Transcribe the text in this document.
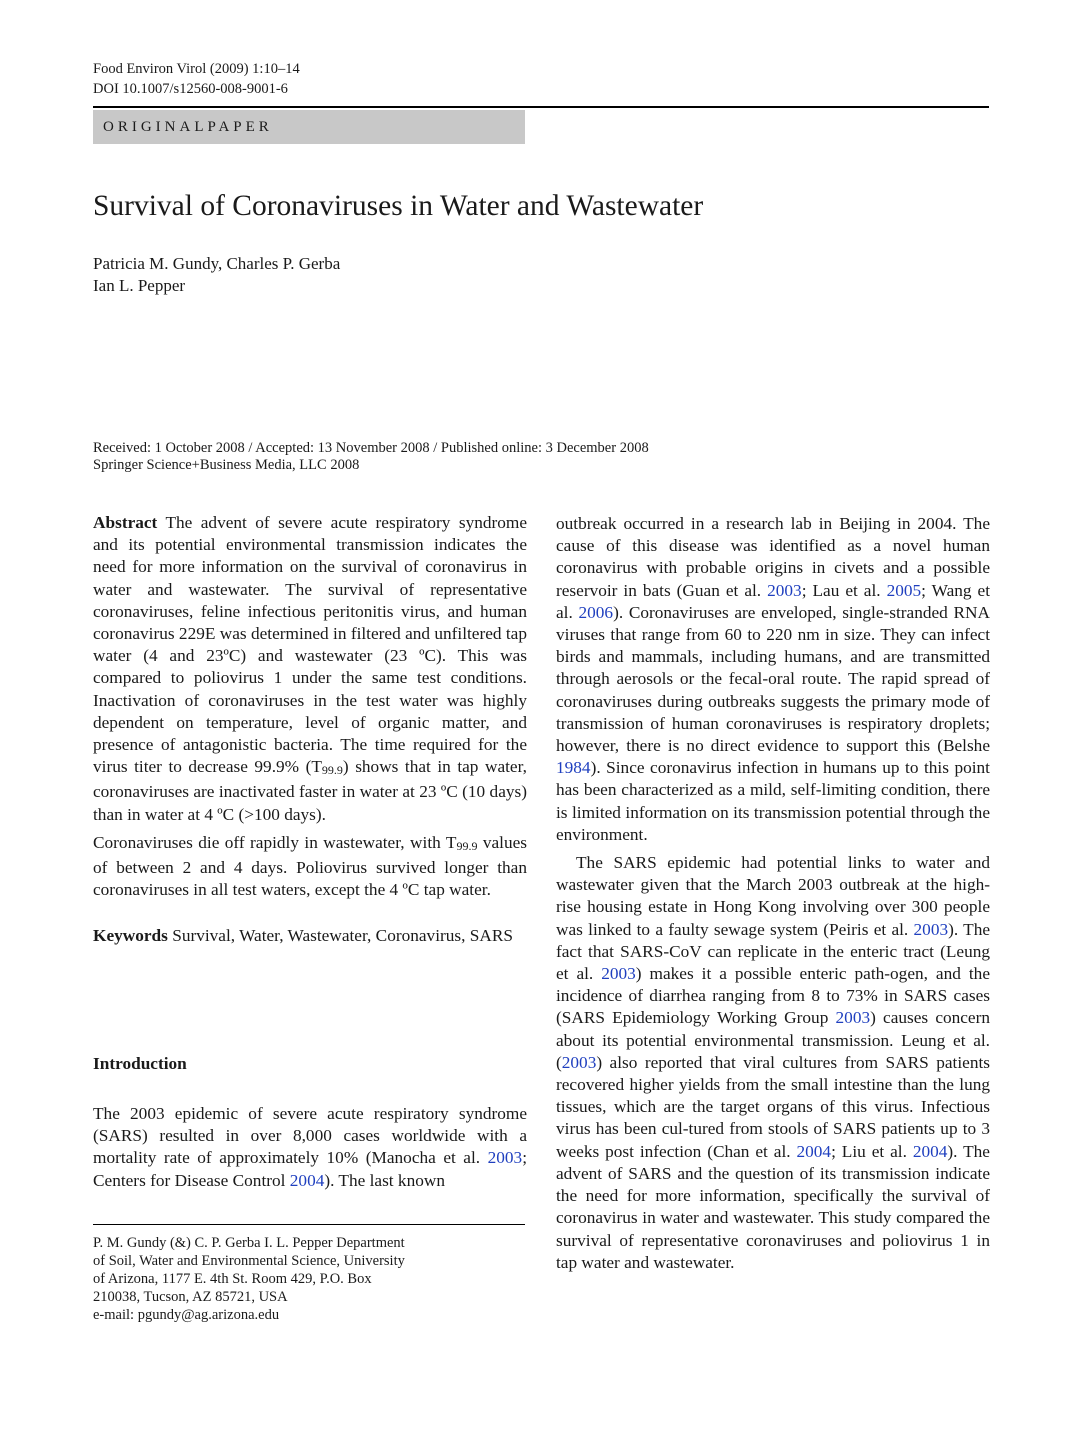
Food Environ Virol (2009) 1:10–14
DOI 10.1007/s12560-008-9001-6
ORIGINALPAPER
Survival of Coronaviruses in Water and Wastewater
Patricia M. Gundy, Charles P. Gerba
Ian L. Pepper
Received: 1 October 2008 / Accepted: 13 November 2008 / Published online: 3 December 2008
Springer Science+Business Media, LLC 2008

Abstract The advent of severe acute respiratory syndrome and its potential environmental transmission indicates the need for more information on the survival of coronavirus in water and wastewater. The survival of representative coronaviruses, feline infectious peritonitis virus, and human coronavirus 229E was determined in filtered and unfiltered tap water (4 and 23ºC) and wastewater (23 ºC). This was compared to poliovirus 1 under the same test conditions. Inactivation of coronaviruses in the test water was highly dependent on temperature, level of organic matter, and presence of antagonistic bacteria. The time required for the virus titer to decrease 99.9% (T99.9) shows that in tap water, coronaviruses are inactivated faster in water at 23 ºC (10 days) than in water at 4 ºC (>100 days).

Coronaviruses die off rapidly in wastewater, with T99.9 values of between 2 and 4 days. Poliovirus survived longer than coronaviruses in all test waters, except the 4 ºC tap water.

Keywords Survival, Water, Wastewater, Coronavirus, SARS

Introduction

The 2003 epidemic of severe acute respiratory syndrome (SARS) resulted in over 8,000 cases worldwide with a mortality rate of approximately 10% (Manocha et al. 2003; Centers for Disease Control 2004). The last known

P. M. Gundy (&) C. P. Gerba I. L. Pepper Department
of Soil, Water and Environmental Science, University
of Arizona, 1177 E. 4th St. Room 429, P.O. Box
210038, Tucson, AZ 85721, USA
e-mail: pgundy@ag.arizona.edu

outbreak occurred in a research lab in Beijing in 2004. The cause of this disease was identified as a novel human coronavirus with probable origins in civets and a possible reservoir in bats (Guan et al. 2003; Lau et al. 2005; Wang et al. 2006). Coronaviruses are enveloped, single-stranded RNA viruses that range from 60 to 220 nm in size. They can infect birds and mammals, including humans, and are transmitted through aerosols or the fecal-oral route. The rapid spread of coronaviruses during outbreaks suggests the primary mode of transmission of human coronaviruses is respiratory droplets; however, there is no direct evidence to support this (Belshe 1984). Since coronavirus infection in humans up to this point has been characterized as a mild, self-limiting condition, there is limited information on its transmission potential through the environment.

The SARS epidemic had potential links to water and wastewater given that the March 2003 outbreak at the high-rise housing estate in Hong Kong involving over 300 people was linked to a faulty sewage system (Peiris et al. 2003). The fact that SARS-CoV can replicate in the enteric tract (Leung et al. 2003) makes it a possible enteric path-ogen, and the incidence of diarrhea ranging from 8 to 73% in SARS cases (SARS Epidemiology Working Group 2003) causes concern about its potential environmental transmission. Leung et al. (2003) also reported that viral cultures from SARS patients recovered higher yields from the small intestine than the lung tissues, which are the target organs of this virus. Infectious virus has been cul-tured from stools of SARS patients up to 3 weeks post infection (Chan et al. 2004; Liu et al. 2004). The advent of SARS and the question of its transmission indicate the need for more information, specifically the survival of coronavirus in water and wastewater. This study compared the survival of representative coronaviruses and poliovirus 1 in tap water and wastewater.
